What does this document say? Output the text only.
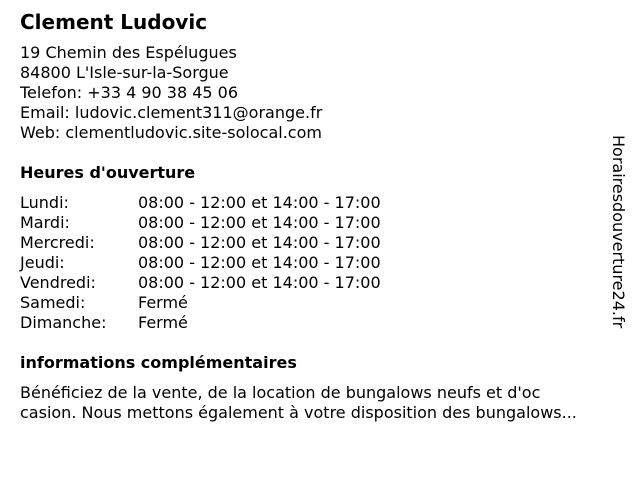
Clement Ludovic
19 Chemin des Espélugues
84800 L'Isle-sur-la-Sorgue
Telefon: +33 4 90 38 45 06
Email: ludovic.clement311@orange.fr
Web: clementludovic.site-solocal.com
Heures d'ouverture
Lundi:	08:00 - 12:00 et 14:00 - 17:00
Mardi:	08:00 - 12:00 et 14:00 - 17:00
Mercredi:	08:00 - 12:00 et 14:00 - 17:00
Jeudi:	08:00 - 12:00 et 14:00 - 17:00
Vendredi:	08:00 - 12:00 et 14:00 - 17:00
Samedi:	Fermé
Dimanche:	Fermé
informations complémentaires
Bénéficiez de la vente, de la location de bungalows neufs et d'oc
casion. Nous mettons également à votre disposition des bungalows...
Horairesdouverture24.fr
